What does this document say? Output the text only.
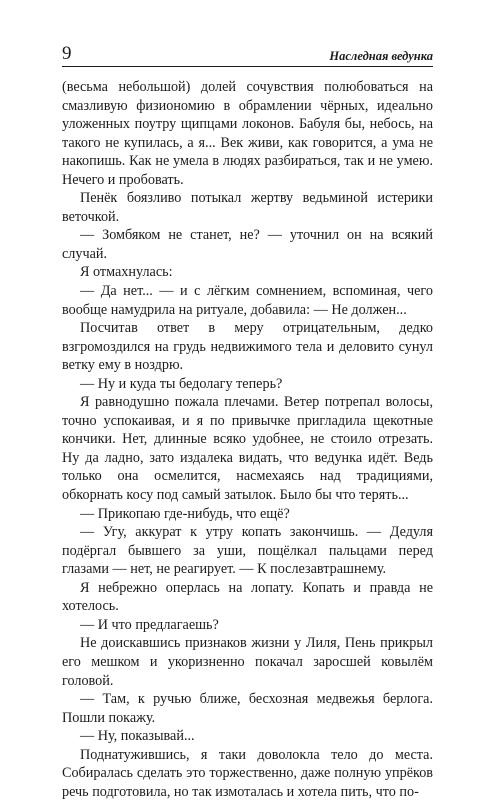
9	Наследная ведунка

(весьма небольшой) долей сочувствия полюбоваться на смазливую физиономию в обрамлении чёрных, идеально уложенных поутру щипцами локонов. Бабуля бы, небось, на такого не купилась, а я... Век живи, как говорится, а ума не накопишь. Как не умела в людях разбираться, так и не умею. Нечего и пробовать.

Пенёк боязливо потыкал жертву ведьминой истерики веточкой.

— Зомбяком не станет, не? — уточнил он на всякий случай.

Я отмахнулась:

— Да нет... — и с лёгким сомнением, вспоминая, чего вообще намудрила на ритуале, добавила: — Не должен...

Посчитав ответ в меру отрицательным, дедко взгромоздился на грудь недвижимого тела и деловито сунул ветку ему в ноздрю.

— Ну и куда ты бедолагу теперь?

Я равнодушно пожала плечами. Ветер потрепал волосы, точно успокаивая, и я по привычке пригладила щекотные кончики. Нет, длинные всяко удобнее, не стоило отрезать. Ну да ладно, зато издалека видать, что ведунка идёт. Ведь только она осмелится, насмехаясь над традициями, обкорнать косу под самый затылок. Было бы что терять...

— Прикопаю где-нибудь, что ещё?

— Угу, аккурат к утру копать закончишь. — Дедуля подёргал бывшего за уши, пощёлкал пальцами перед глазами — нет, не реагирует. — К послезавтрашнему.

Я небрежно оперлась на лопату. Копать и правда не хотелось.

— И что предлагаешь?

Не доискавшись признаков жизни у Лиля, Пень прикрыл его мешком и укоризненно покачал заросшей ковылём головой.

— Там, к ручью ближе, бесхозная медвежья берлога. Пошли покажу.

— Ну, показывай...

Поднатужившись, я таки доволокла тело до места. Собиралась сделать это торжественно, даже полную упрёков речь подготовила, но так измоталась и хотела пить, что по-
